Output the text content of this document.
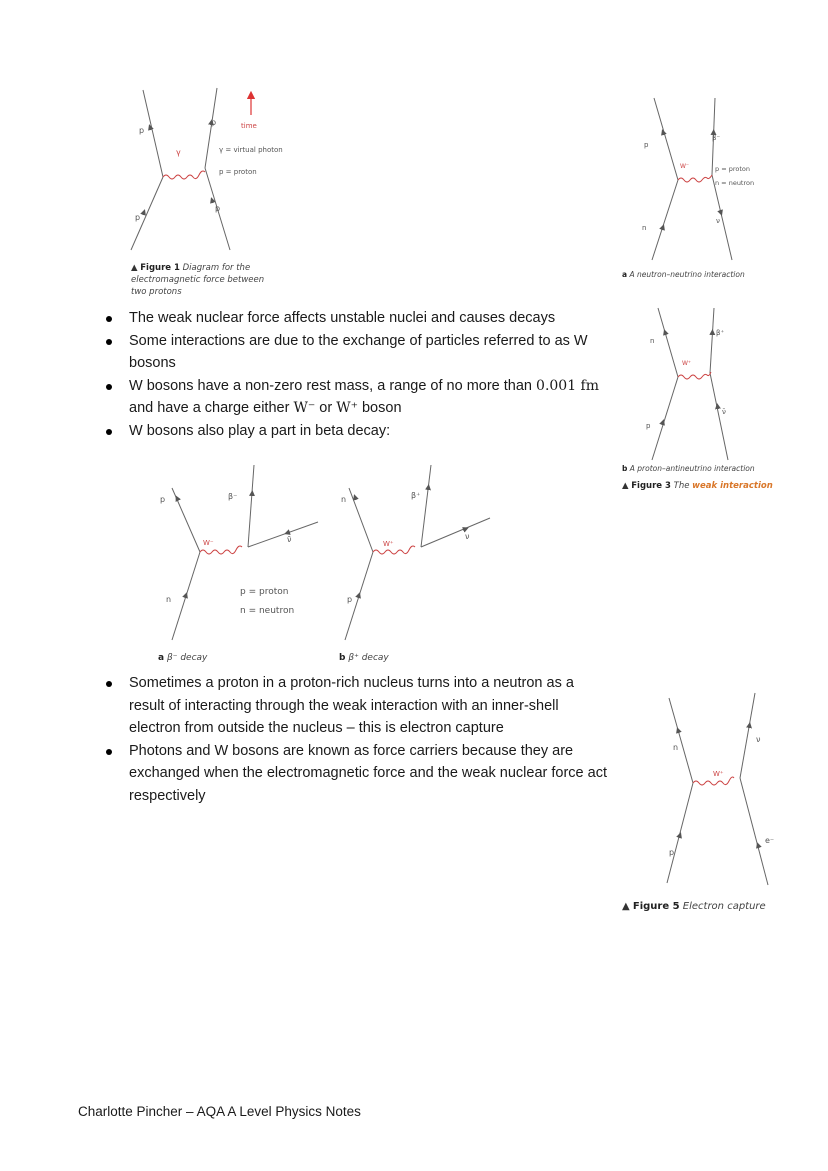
p
p
p
p
γ
time
γ = virtual photon
p = proton
▲ Figure 1 Diagram for the
electromagnetic force between
two protons
p
β⁻
W⁻
n
ν
p = proton
n = neutron
a A neutron–neutrino interaction
n
β⁺
W⁺
p
ν̄
b A proton–antineutrino interaction
▲ Figure 3 The weak interaction
The weak nuclear force affects unstable nuclei and causes decays
Some interactions are due to the exchange of particles referred to as W bosons
W bosons have a non-zero rest mass, a range of no more than 0.001 fm and have a charge either W⁻ or W⁺ boson
W bosons also play a part in beta decay:
p	β⁻
W⁻	ν̄
n
p = proton
n = neutron
a β⁻ decay
n	β⁺
W⁺
ν
p
b β⁺ decay
Sometimes a proton in a proton-rich nucleus turns into a neutron as a result of interacting through the weak interaction with an inner-shell electron from outside the nucleus – this is electron capture
Photons and W bosons are known as force carriers because they are exchanged when the electromagnetic force and the weak nuclear force act respectively
n
ν
W⁺
p
e⁻
▲ Figure 5 Electron capture
Charlotte Pincher – AQA A Level Physics Notes
